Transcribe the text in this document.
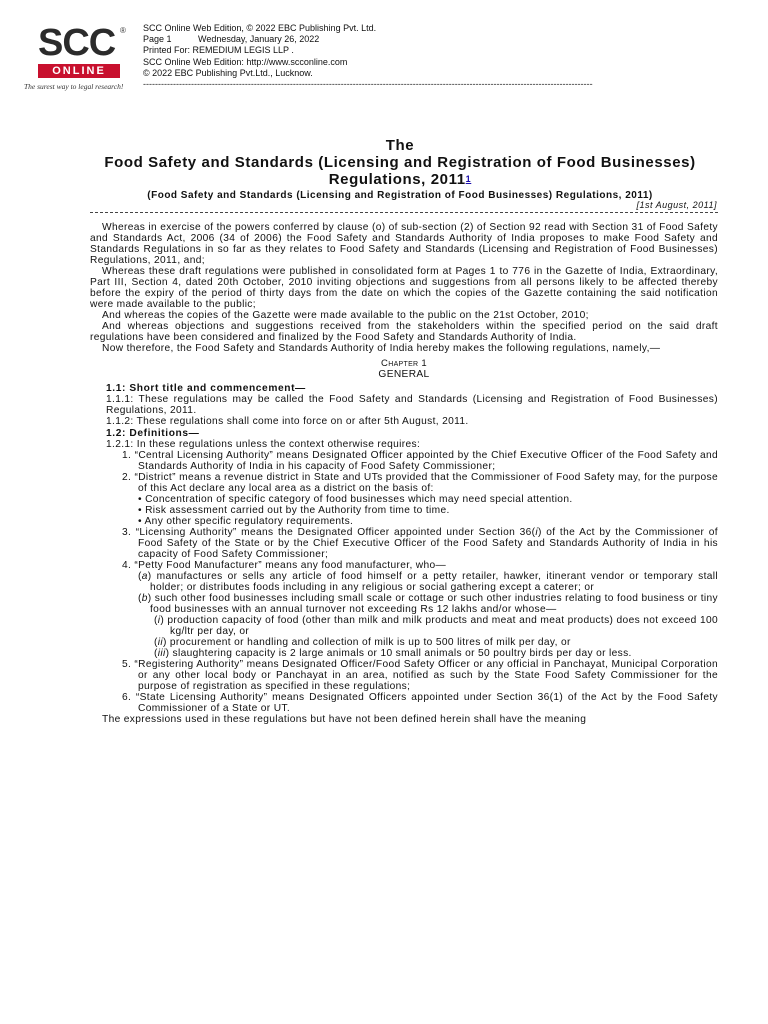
SCC ®
ONLINE
The surest way to legal research!
SCC Online Web Edition, © 2022 EBC Publishing Pvt. Ltd.
Page 1	Wednesday, January 26, 2022
Printed For: REMEDIUM LEGIS LLP .
SCC Online Web Edition: http://www.scconline.com
© 2022 EBC Publishing Pvt.Ltd., Lucknow.
------------------------------------------------------------------------------------------------------------------------------------------------------
The
Food Safety and Standards (Licensing and Registration of Food Businesses) Regulations, 2011$^1$
(Food Safety and Standards (Licensing and Registration of Food Businesses) Regulations, 2011)
[1st August, 2011]

Whereas in exercise of the powers conferred by clause (o) of sub-section (2) of Section 92 read with Section 31 of Food Safety and Standards Act, 2006 (34 of 2006) the Food Safety and Standards Authority of India proposes to make Food Safety and Standards Regulations in so far as they relates to Food Safety and Standards (Licensing and Registration of Food Businesses) Regulations, 2011, and;

Whereas these draft regulations were published in consolidated form at Pages 1 to 776 in the Gazette of India, Extraordinary, Part III, Section 4, dated 20th October, 2010 inviting objections and suggestions from all persons likely to be affected thereby before the expiry of the period of thirty days from the date on which the copies of the Gazette containing the said notification were made available to the public;

And whereas the copies of the Gazette were made available to the public on the 21st October, 2010;

And whereas objections and suggestions received from the stakeholders within the specified period on the said draft regulations have been considered and finalized by the Food Safety and Standards Authority of India.

Now therefore, the Food Safety and Standards Authority of India hereby makes the following regulations, namely,—

Chapter 1

GENERAL

1.1: Short title and commencement—

1.1.1: These regulations may be called the Food Safety and Standards (Licensing and Registration of Food Businesses) Regulations, 2011.

1.1.2: These regulations shall come into force on or after 5th August, 2011.

1.2: Definitions—

1.2.1: In these regulations unless the context otherwise requires:

1. “Central Licensing Authority” means Designated Officer appointed by the Chief Executive Officer of the Food Safety and Standards Authority of India in his capacity of Food Safety Commissioner;

2. “District” means a revenue district in State and UTs provided that the Commissioner of Food Safety may, for the purpose of this Act declare any local area as a district on the basis of:

• Concentration of specific category of food businesses which may need special attention.

• Risk assessment carried out by the Authority from time to time.

• Any other specific regulatory requirements.

3. “Licensing Authority” means the Designated Officer appointed under Section 36(i) of the Act by the Commissioner of Food Safety of the State or by the Chief Executive Officer of the Food Safety and Standards Authority of India in his capacity of Food Safety Commissioner;

4. “Petty Food Manufacturer” means any food manufacturer, who—

(a) manufactures or sells any article of food himself or a petty retailer, hawker, itinerant vendor or temporary stall holder; or distributes foods including in any religious or social gathering except a caterer; or

(b) such other food businesses including small scale or cottage or such other industries relating to food business or tiny food businesses with an annual turnover not exceeding Rs 12 lakhs and/or whose—

(i) production capacity of food (other than milk and milk products and meat and meat products) does not exceed 100 kg/ltr per day, or

(ii) procurement or handling and collection of milk is up to 500 litres of milk per day, or

(iii) slaughtering capacity is 2 large animals or 10 small animals or 50 poultry birds per day or less.

5. “Registering Authority” means Designated Officer/Food Safety Officer or any official in Panchayat, Municipal Corporation or any other local body or Panchayat in an area, notified as such by the State Food Safety Commissioner for the purpose of registration as specified in these regulations;

6. “State Licensing Authority” means Designated Officers appointed under Section 36(1) of the Act by the Food Safety Commissioner of a State or UT.

The expressions used in these regulations but have not been defined herein shall have the meaning
